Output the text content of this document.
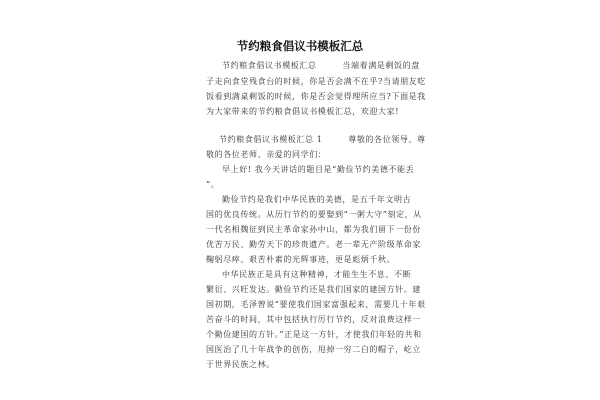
节约粮食倡议书模板汇总
节约粮食倡议书模板汇总　　　当端着满是剩饭的盘
子走向食堂残食台的时候，你是否会满不在乎?当请朋友吃
饭看到满桌剩饭的时候，你是否会觉得理所应当?下面是我
为大家带来的节约粮食倡议书模板汇总，欢迎大家!
节约粮食倡议书模板汇总 1　　　尊敬的各位领导、尊
敬的各位老师、亲爱的同学们：
早上好! 我今天讲话的题目是“勤俭节约美德不能丢
”。
勤俭节约是我们中华民族的美德，是五千年文明古
国的优良传统。从历行节约的要娶到“一粥大守”刻定，从
一代名相魏征到民主革命家孙中山，都为我们留下一份份
优苦万民、勤劳天下的珍贵遗产。老一辈无产阶级革命家
鞠躬尽瘁、艰苦朴素的光辉事迹，更是彪炳千秋。
中华民族正是具有这种精神，才能生生不息、不断
繁衍、兴旺发达。勤俭节约还是我们国家的建国方针。建
国初期，毛泽曾说“要使我们国家富强起来，需要几十年艰
苦奋斗的时间，其中包括执行厉行节约，反对浪费这样一
个勤俭建国的方针。”正是这一方针，才使我们年轻的共和
国医治了几十年战争的创伤，甩掉一穷二白的帽子，屹立
于世界民族之林。
